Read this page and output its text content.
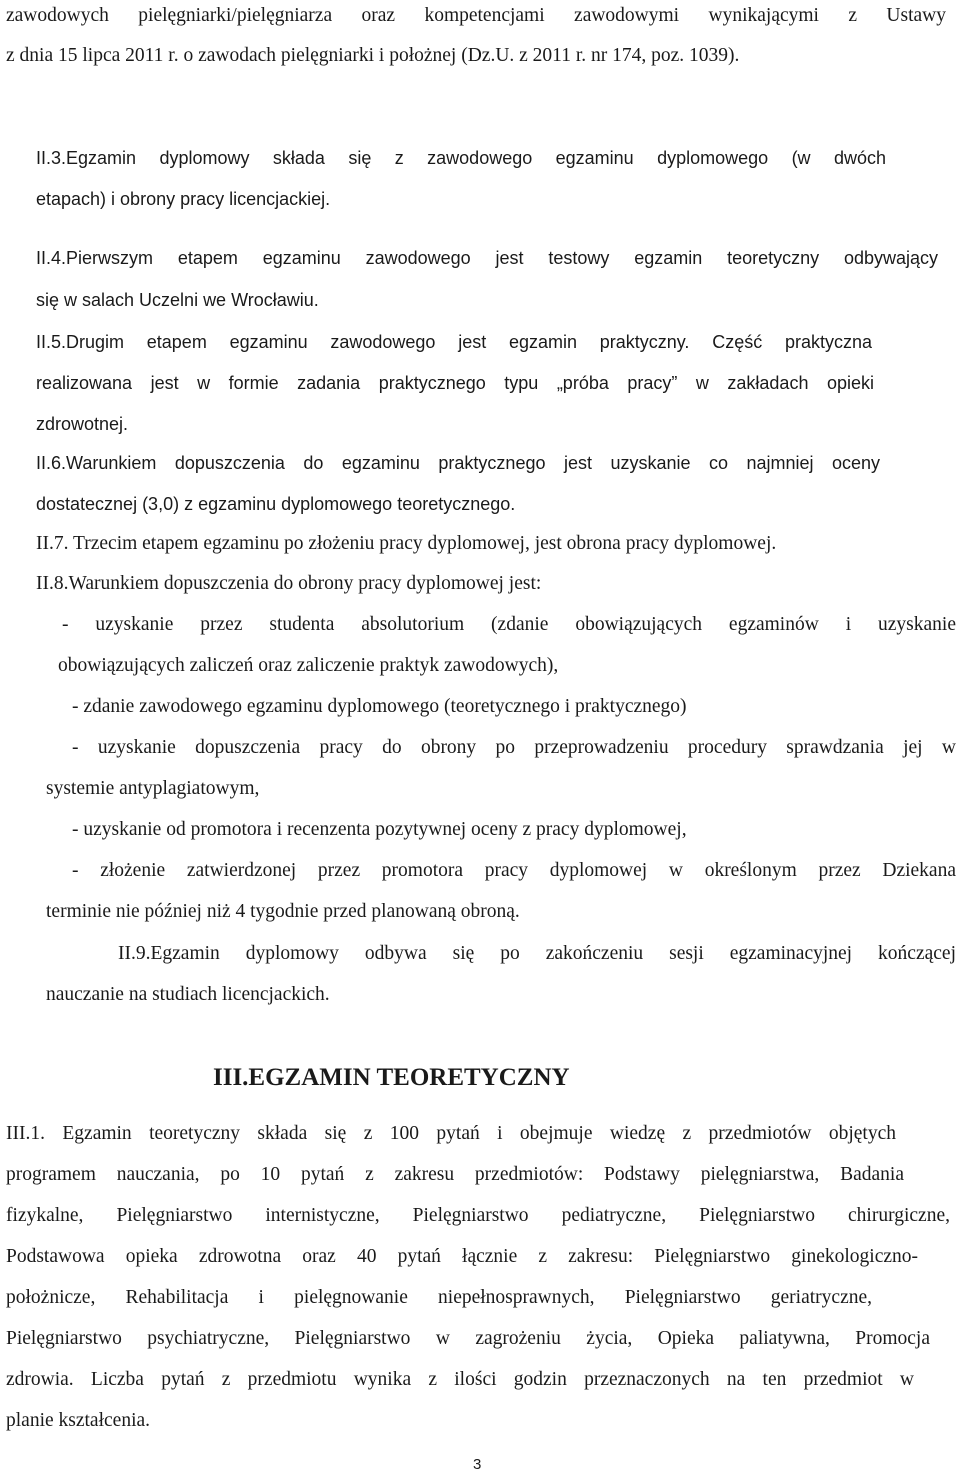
zawodowych pielęgniarki/pielęgniarza oraz kompetencjami zawodowymi wynikającymi z Ustawy
z dnia 15 lipca 2011 r. o zawodach pielęgniarki i położnej (Dz.U. z 2011 r. nr 174, poz. 1039).
II.3.Egzamin dyplomowy składa się z zawodowego egzaminu dyplomowego (w dwóch
etapach) i obrony pracy licencjackiej.
II.4.Pierwszym etapem egzaminu zawodowego jest testowy egzamin teoretyczny odbywający
się w salach Uczelni we Wrocławiu.
II.5.Drugim etapem egzaminu zawodowego jest egzamin praktyczny. Część praktyczna
realizowana jest w formie zadania praktycznego typu „próba pracy” w zakładach opieki
zdrowotnej.
II.6.Warunkiem dopuszczenia do egzaminu praktycznego jest uzyskanie co najmniej oceny
dostatecznej (3,0) z egzaminu dyplomowego teoretycznego.
II.7. Trzecim etapem egzaminu po złożeniu pracy dyplomowej, jest obrona pracy dyplomowej.
II.8.Warunkiem dopuszczenia do obrony pracy dyplomowej jest:
- uzyskanie przez studenta absolutorium (zdanie obowiązujących egzaminów i uzyskanie
obowiązujących zaliczeń oraz zaliczenie praktyk zawodowych),
- zdanie zawodowego egzaminu dyplomowego (teoretycznego i praktycznego)
- uzyskanie dopuszczenia pracy do obrony po przeprowadzeniu procedury sprawdzania jej w
systemie antyplagiatowym,
- uzyskanie od promotora i recenzenta pozytywnej oceny z pracy dyplomowej,
- złożenie zatwierdzonej przez promotora pracy dyplomowej w określonym przez Dziekana
terminie nie później niż 4 tygodnie przed planowaną obroną.
II.9.Egzamin dyplomowy odbywa się po zakończeniu sesji egzaminacyjnej kończącej
nauczanie na studiach licencjackich.
III.EGZAMIN TEORETYCZNY
III.1. Egzamin teoretyczny składa się z 100 pytań i obejmuje wiedzę z przedmiotów objętych
programem nauczania, po 10 pytań z zakresu przedmiotów: Podstawy pielęgniarstwa, Badania
fizykalne, Pielęgniarstwo internistyczne, Pielęgniarstwo pediatryczne, Pielęgniarstwo chirurgiczne,
Podstawowa opieka zdrowotna oraz 40 pytań łącznie z zakresu: Pielęgniarstwo ginekologiczno-
położnicze, Rehabilitacja i pielęgnowanie niepełnosprawnych, Pielęgniarstwo geriatryczne,
Pielęgniarstwo psychiatryczne, Pielęgniarstwo w zagrożeniu życia, Opieka paliatywna, Promocja
zdrowia. Liczba pytań z przedmiotu wynika z ilości godzin przeznaczonych na ten przedmiot w
planie kształcenia.
3
